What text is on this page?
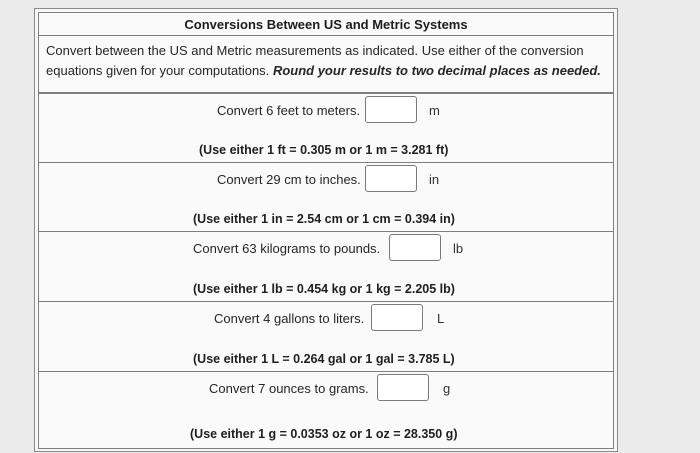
Conversions Between US and Metric Systems
Convert between the US and Metric measurements as indicated. Use either of the conversion equations given for your computations. Round your results to two decimal places as needed.
Convert 6 feet to meters.	m
(Use either 1 ft = 0.305 m or 1 m = 3.281 ft)
Convert 29 cm to inches.	in
(Use either 1 in = 2.54 cm or 1 cm = 0.394 in)
Convert 63 kilograms to pounds.	lb
(Use either 1 lb = 0.454 kg or 1 kg = 2.205 lb)
Convert 4 gallons to liters.	L
(Use either 1 L = 0.264 gal or 1 gal = 3.785 L)
Convert 7 ounces to grams.	g
(Use either 1 g = 0.0353 oz or 1 oz = 28.350 g)
